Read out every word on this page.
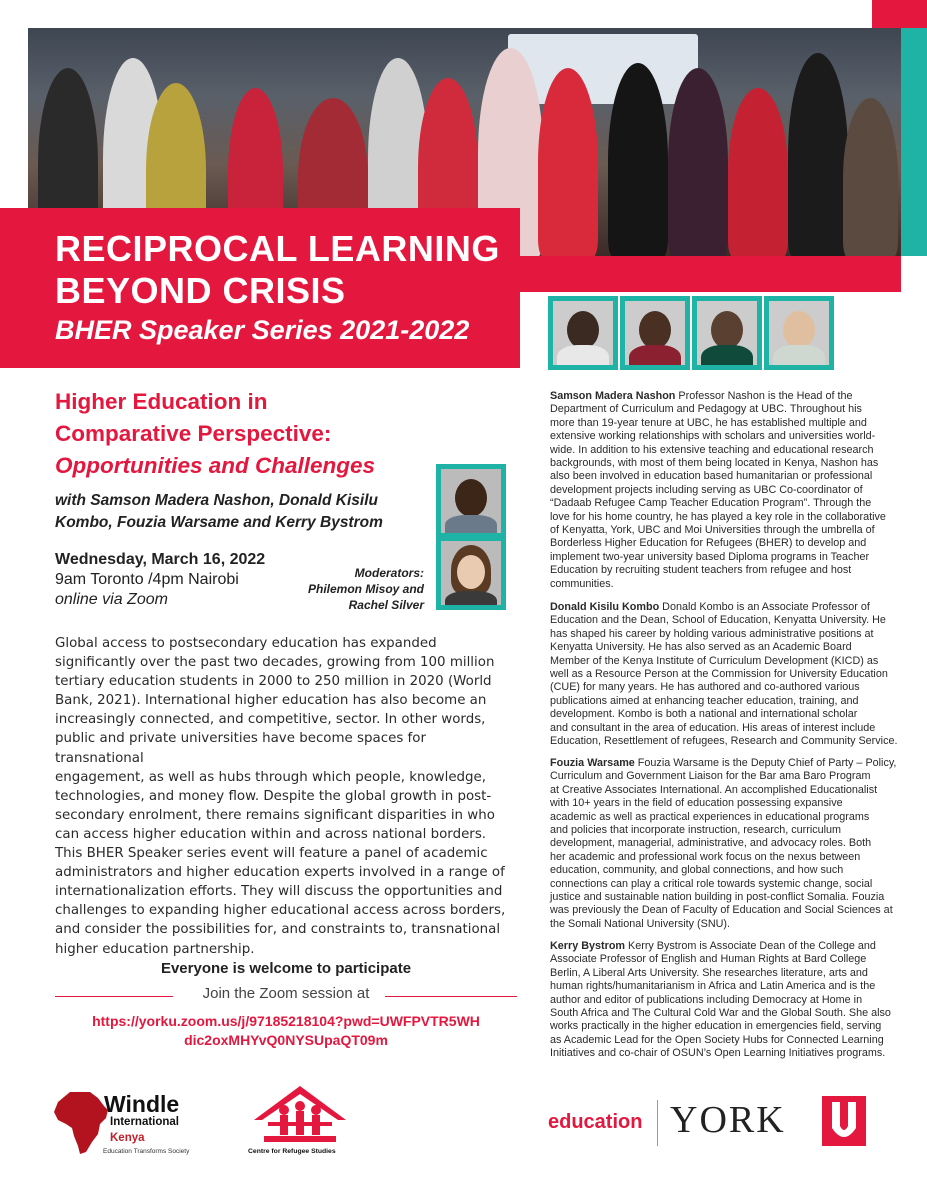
RECIPROCAL LEARNING
BEYOND CRISIS
BHER Speaker Series 2021-2022
Higher Education in
Comparative Perspective:
Opportunities and Challenges
with Samson Madera Nashon, Donald Kisilu
Kombo, Fouzia Warsame and Kerry Bystrom
Wednesday, March 16, 2022
9am Toronto /4pm Nairobi
online via Zoom
Moderators:
Philemon Misoy and
Rachel Silver
Global access to postsecondary education has expanded
significantly over the past two decades, growing from 100 million
tertiary education students in 2000 to 250 million in 2020 (World
Bank, 2021). International higher education has also become an
increasingly connected, and competitive, sector. In other words,
public and private universities have become spaces for transnational
engagement, as well as hubs through which people, knowledge,
technologies, and money flow. Despite the global growth in post-
secondary enrolment, there remains significant disparities in who
can access higher education within and across national borders.
This BHER Speaker series event will feature a panel of academic
administrators and higher education experts involved in a range of
internationalization efforts. They will discuss the opportunities and
challenges to expanding higher educational access across borders,
and consider the possibilities for, and constraints to, transnational
higher education partnership.
Everyone is welcome to participate
Join the Zoom session at
https://yorku.zoom.us/j/97185218104?pwd=UWFPVTR5WH
dic2oxMHYvQ0NYSUpaQT09m
Windle
International
Kenya
Education Transforms Society	Centre for Refugee Studies
education YORK
Samson Madera Nashon Professor Nashon is the Head of the
Department of Curriculum and Pedagogy at UBC. Throughout his
more than 19-year tenure at UBC, he has established multiple and
extensive working relationships with scholars and universities world-
wide. In addition to his extensive teaching and educational research
backgrounds, with most of them being located in Kenya, Nashon has
also been involved in education based humanitarian or professional
development projects including serving as UBC Co-coordinator of
“Dadaab Refugee Camp Teacher Education Program”. Through the
love for his home country, he has played a key role in the collaborative
of Kenyatta, York, UBC and Moi Universities through the umbrella of
Borderless Higher Education for Refugees (BHER) to develop and
implement two-year university based Diploma programs in Teacher
Education by recruiting student teachers from refugee and host
communities.
Donald Kisilu Kombo Donald Kombo is an Associate Professor of
Education and the Dean, School of Education, Kenyatta University. He
has shaped his career by holding various administrative positions at
Kenyatta University. He has also served as an Academic Board
Member of the Kenya Institute of Curriculum Development (KICD) as
well as a Resource Person at the Commission for University Education
(CUE) for many years. He has authored and co-authored various
publications aimed at enhancing teacher education, training, and
development. Kombo is both a national and international scholar
and consultant in the area of education. His areas of interest include
Education, Resettlement of refugees, Research and Community Service.
Fouzia Warsame Fouzia Warsame is the Deputy Chief of Party – Policy,
Curriculum and Government Liaison for the Bar ama Baro Program
at Creative Associates International. An accomplished Educationalist
with 10+ years in the field of education possessing expansive
academic as well as practical experiences in educational programs
and policies that incorporate instruction, research, curriculum
development, managerial, administrative, and advocacy roles. Both
her academic and professional work focus on the nexus between
education, community, and global connections, and how such
connections can play a critical role towards systemic change, social
justice and sustainable nation building in post-conflict Somalia. Fouzia
was previously the Dean of Faculty of Education and Social Sciences at
the Somali National University (SNU).
Kerry Bystrom Kerry Bystrom is Associate Dean of the College and
Associate Professor of English and Human Rights at Bard College
Berlin, A Liberal Arts University. She researches literature, arts and
human rights/humanitarianism in Africa and Latin America and is the
author and editor of publications including Democracy at Home in
South Africa and The Cultural Cold War and the Global South. She also
works practically in the higher education in emergencies field, serving
as Academic Lead for the Open Society Hubs for Connected Learning
Initiatives and co-chair of OSUN’s Open Learning Initiatives programs.
